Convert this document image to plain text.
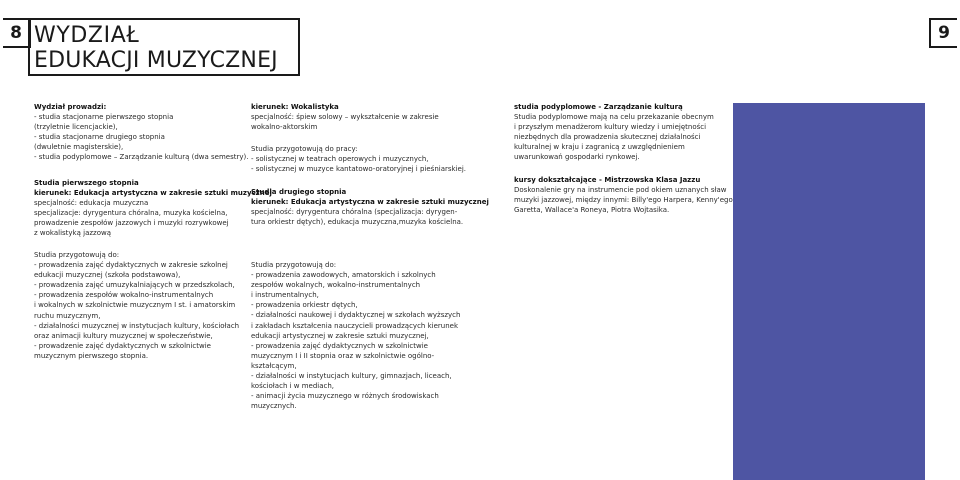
8	9
WYDZIAŁ
EDUKACJI MUZYCZNEJ
Wydział prowadzi:
- studia stacjonarne pierwszego stopnia
(trzyletnie licencjackie),
- studia stacjonarne drugiego stopnia
(dwuletnie magisterskie),
- studia podyplomowe – Zarządzanie kulturą (dwa semestry).
Studia pierwszego stopnia
kierunek: Edukacja artystyczna w zakresie sztuki muzycznej
specjalność: edukacja muzyczna
specjalizacje: dyrygentura chóralna, muzyka kościelna,
prowadzenie zespołów jazzowych i muzyki rozrywkowej
z wokalistyką jazzową
Studia przygotowują do:
- prowadzenia zajęć dydaktycznych w zakresie szkolnej
edukacji muzycznej (szkoła podstawowa),
- prowadzenia zajęć umuzykalniających w przedszkolach,
- prowadzenia zespołów wokalno-instrumentalnych
i wokalnych w szkolnictwie muzycznym I st. i amatorskim
ruchu muzycznym,
- działalności muzycznej w instytucjach kultury, kościołach
oraz animacji kultury muzycznej w społeczeństwie,
- prowadzenie zajęć dydaktycznych w szkolnictwie
muzycznym pierwszego stopnia.
kierunek: Wokalistyka
specjalność: śpiew solowy – wykształcenie w zakresie
wokalno-aktorskim
Studia przygotowują do pracy:
- solistycznej w teatrach operowych i muzycznych,
- solistycznej w muzyce kantatowo-oratoryjnej i pieśniarskiej.
Studia drugiego stopnia
kierunek: Edukacja artystyczna w zakresie sztuki muzycznej
specjalność: dyrygentura chóralna (specjalizacja: dyrygen-
tura orkiestr dętych), edukacja muzyczna,muzyka kościelna.
Studia przygotowują do:
- prowadzenia zawodowych, amatorskich i szkolnych
zespołów wokalnych, wokalno-instrumentalnych
i instrumentalnych,
- prowadzenia orkiestr dętych,
- działalności naukowej i dydaktycznej w szkołach wyższych
i zakładach kształcenia nauczycieli prowadzących kierunek
edukacji artystycznej w zakresie sztuki muzycznej,
- prowadzenia zajęć dydaktycznych w szkolnictwie
muzycznym I i II stopnia oraz w szkolnictwie ogólno-
kształcącym,
- działalności w instytucjach kultury, gimnazjach, liceach,
kościołach i w mediach,
- animacji życia muzycznego w różnych środowiskach
muzycznych.
studia podyplomowe - Zarządzanie kulturą
Studia podyplomowe mają na celu przekazanie obecnym
i przyszłym menadżerom kultury wiedzy i umiejętności
niezbędnych dla prowadzenia skutecznej działalności
kulturalnej w kraju i zagranicą z uwzględnieniem
uwarunkowań gospodarki rynkowej.
kursy dokształcające - Mistrzowska Klasa Jazzu
Doskonalenie gry na instrumencie pod okiem uznanych sław
muzyki jazzowej, między innymi: Billy'ego Harpera, Kenny'ego
Garetta, Wallace'a Roneya, Piotra Wojtasika.
